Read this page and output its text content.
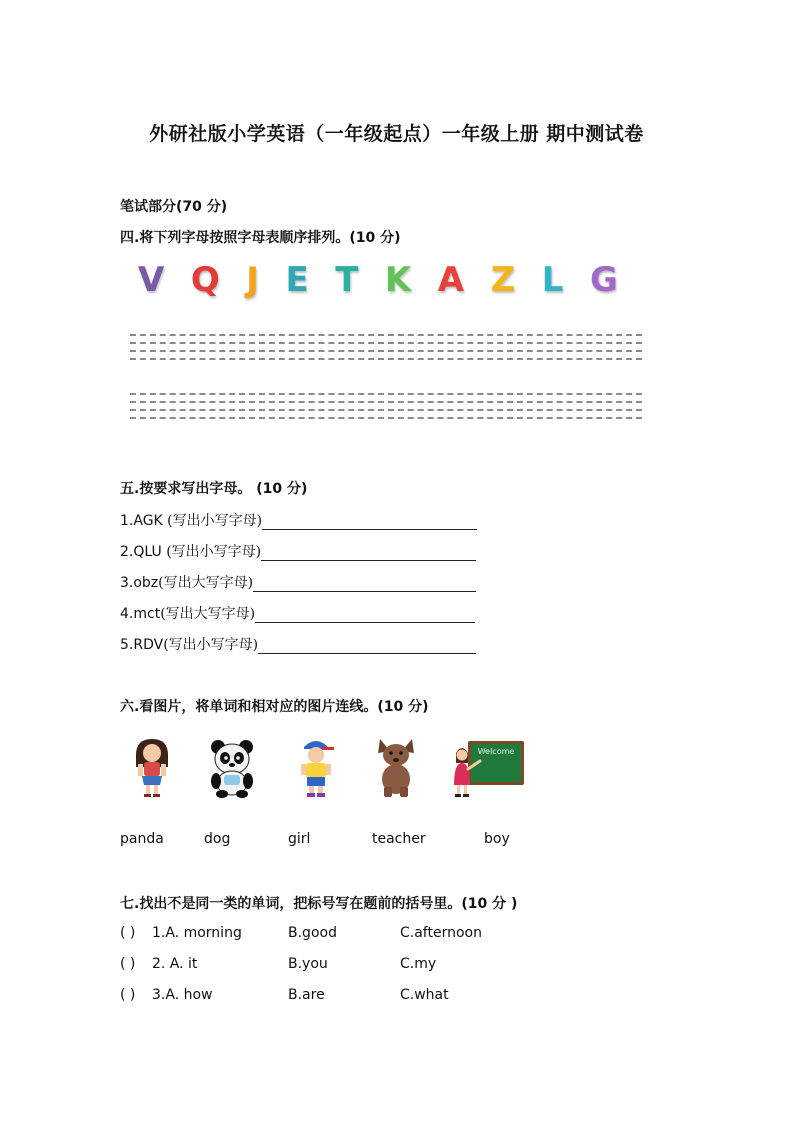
外研社版小学英语（一年级起点）一年级上册 期中测试卷
笔试部分(70 分)
四.将下列字母按照字母表顺序排列。(10 分)
V Q J E T K A Z L G
五.按要求写出字母。 (10 分)
1.AGK (写出小写字母)
2.QLU (写出小写字母)
3.obz(写出大写字母)
4.mct(写出大写字母)
5.RDV(写出小写字母)
六.看图片，将单词和相对应的图片连线。(10 分)
Welcome
panda	dog	girl	teacher	boy
七.找出不是同一类的单词，把标号写在题前的括号里。(10 分 )
( ) 1.A. morning	B.good	C.afternoon
( ) 2. A. it	B.you	C.my
( ) 3.A. how	B.are	C.what
